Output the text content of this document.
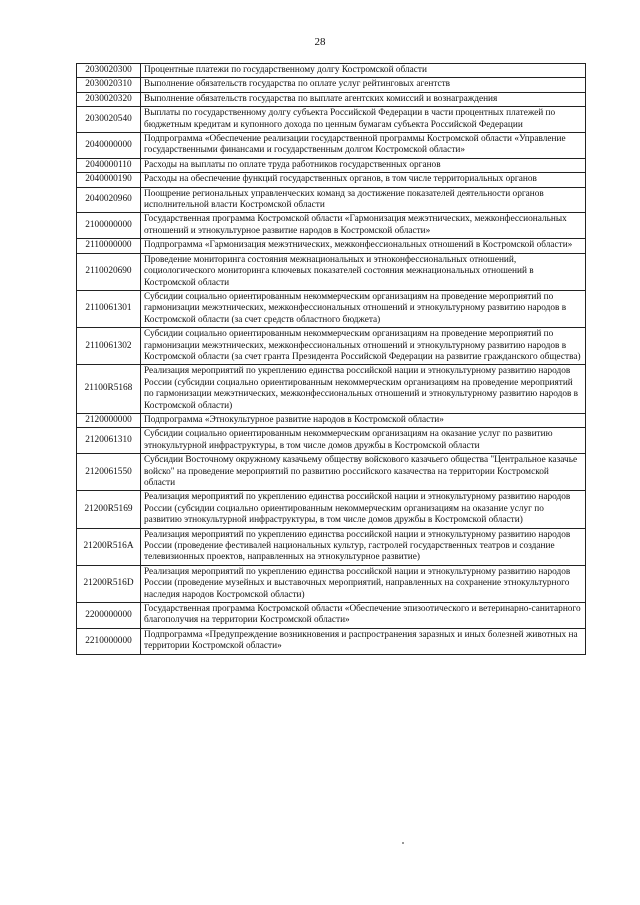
28
2030020300	Процентные платежи по государственному долгу Костромской области
2030020310	Выполнение обязательств государства по оплате услуг рейтинговых агентств
2030020320	Выполнение обязательств государства по выплате агентских комиссий и вознаграждения
2030020540	Выплаты по государственному долгу субъекта Российской Федерации в части процентных платежей по бюджетным кредитам и купонного дохода по ценным бумагам субъекта Российской Федерации
2040000000	Подпрограмма «Обеспечение реализации государственной программы Костромской области «Управление государственными финансами и государственным долгом Костромской области»
2040000110	Расходы на выплаты по оплате труда работников государственных органов
2040000190	Расходы на обеспечение функций государственных органов, в том числе территориальных органов
2040020960	Поощрение региональных управленческих команд за достижение показателей деятельности органов исполнительной власти Костромской области
2100000000	Государственная программа Костромской области «Гармонизация межэтнических, межконфессиональных отношений и этнокультурное развитие народов в Костромской области»
2110000000	Подпрограмма «Гармонизация межэтнических, межконфессиональных отношений в Костромской области»
2110020690	Проведение мониторинга состояния межнациональных и этноконфессиональных отношений, социологического мониторинга ключевых показателей состояния межнациональных отношений в Костромской области
2110061301	Субсидии социально ориентированным некоммерческим организациям на проведение мероприятий по гармонизации межэтнических, межконфессиональных отношений и этнокультурному развитию народов в Костромской области (за счет средств областного бюджета)
2110061302	Субсидии социально ориентированным некоммерческим организациям на проведение мероприятий по гармонизации межэтнических, межконфессиональных отношений и этнокультурному развитию народов в Костромской области (за счет гранта Президента Российской Федерации на развитие гражданского общества)
21100R5168	Реализация мероприятий по укреплению единства российской нации и этнокультурному развитию народов России (субсидии социально ориентированным некоммерческим организациям на проведение мероприятий по гармонизации межэтнических, межконфессиональных отношений и этнокультурному развитию народов в Костромской области)
2120000000	Подпрограмма «Этнокультурное развитие народов в Костромской области»
2120061310	Субсидии социально ориентированным некоммерческим организациям на оказание услуг по развитию этнокультурной инфраструктуры, в том числе домов дружбы в Костромской области
2120061550	Субсидии Восточному окружному казачьему обществу войскового казачьего общества "Центральное казачье войско" на проведение мероприятий по развитию российского казачества на территории Костромской области
21200R5169	Реализация мероприятий по укреплению единства российской нации и этнокультурному развитию народов России (субсидии социально ориентированным некоммерческим организациям на оказание услуг по развитию этнокультурной инфраструктуры, в том числе домов дружбы в Костромской области)
21200R516A	Реализация мероприятий по укреплению единства российской нации и этнокультурному развитию народов России (проведение фестивалей национальных культур, гастролей государственных театров и создание телевизионных проектов, направленных на этнокультурное развитие)
21200R516D	Реализация мероприятий по укреплению единства российской нации и этнокультурному развитию народов России (проведение музейных и выставочных мероприятий, направленных на сохранение этнокультурного наследия народов Костромской области)
2200000000	Государственная программа Костромской области «Обеспечение эпизоотического и ветеринарно-санитарного благополучия на территории Костромской области»
2210000000	Подпрограмма «Предупреждение возникновения и распространения заразных и иных болезней животных на территории Костромской области»
